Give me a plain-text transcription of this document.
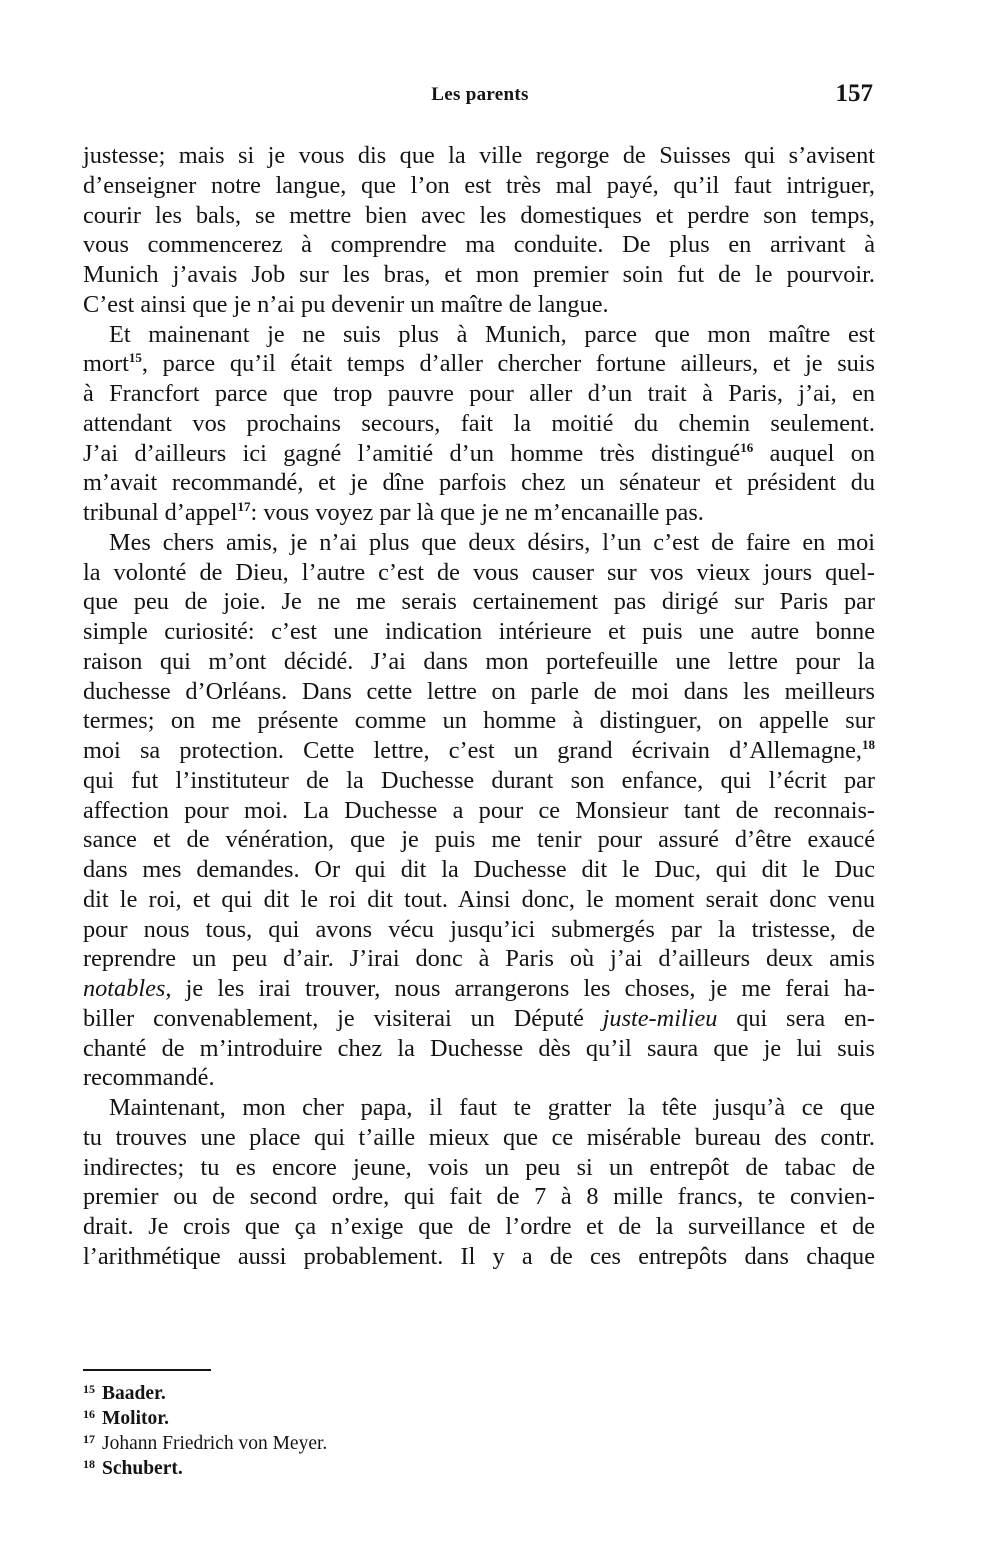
Les parents	157
justesse; mais si je vous dis que la ville regorge de Suisses qui s’avisent
d’enseigner notre langue, que l’on est très mal payé, qu’il faut intriguer,
courir les bals, se mettre bien avec les domestiques et perdre son temps,
vous commencerez à comprendre ma conduite. De plus en arrivant à
Munich j’avais Job sur les bras, et mon premier soin fut de le pourvoir.
C’est ainsi que je n’ai pu devenir un maître de langue.
Et mainenant je ne suis plus à Munich, parce que mon maître est
mort$^{15}$, parce qu’il était temps d’aller chercher fortune ailleurs, et je suis
à Francfort parce que trop pauvre pour aller d’un trait à Paris, j’ai, en
attendant vos prochains secours, fait la moitié du chemin seulement.
J’ai d’ailleurs ici gagné l’amitié d’un homme très distingué$^{16}$ auquel on
m’avait recommandé, et je dîne parfois chez un sénateur et président du
tribunal d’appel$^{17}$: vous voyez par là que je ne m’encanaille pas.
Mes chers amis, je n’ai plus que deux désirs, l’un c’est de faire en moi
la volonté de Dieu, l’autre c’est de vous causer sur vos vieux jours quel-
que peu de joie. Je ne me serais certainement pas dirigé sur Paris par
simple curiosité: c’est une indication intérieure et puis une autre bonne
raison qui m’ont décidé. J’ai dans mon portefeuille une lettre pour la
duchesse d’Orléans. Dans cette lettre on parle de moi dans les meilleurs
termes; on me présente comme un homme à distinguer, on appelle sur
moi sa protection. Cette lettre, c’est un grand écrivain d’Allemagne,$^{18}$
qui fut l’instituteur de la Duchesse durant son enfance, qui l’écrit par
affection pour moi. La Duchesse a pour ce Monsieur tant de reconnais-
sance et de vénération, que je puis me tenir pour assuré d’être exaucé
dans mes demandes. Or qui dit la Duchesse dit le Duc, qui dit le Duc
dit le roi, et qui dit le roi dit tout. Ainsi donc, le moment serait donc venu
pour nous tous, qui avons vécu jusqu’ici submergés par la tristesse, de
reprendre un peu d’air. J’irai donc à Paris où j’ai d’ailleurs deux amis
notables, je les irai trouver, nous arrangerons les choses, je me ferai ha-
biller convenablement, je visiterai un Député juste-milieu qui sera en-
chanté de m’introduire chez la Duchesse dès qu’il saura que je lui suis
recommandé.
Maintenant, mon cher papa, il faut te gratter la tête jusqu’à ce que
tu trouves une place qui t’aille mieux que ce misérable bureau des contr.
indirectes; tu es encore jeune, vois un peu si un entrepôt de tabac de
premier ou de second ordre, qui fait de 7 à 8 mille francs, te convien-
drait. Je crois que ça n’exige que de l’ordre et de la surveillance et de
l’arithmétique aussi probablement. Il y a de ces entrepôts dans chaque
$^{15}$ Baader.
$^{16}$ Molitor.
$^{17}$ Johann Friedrich von Meyer.
$^{18}$ Schubert.
